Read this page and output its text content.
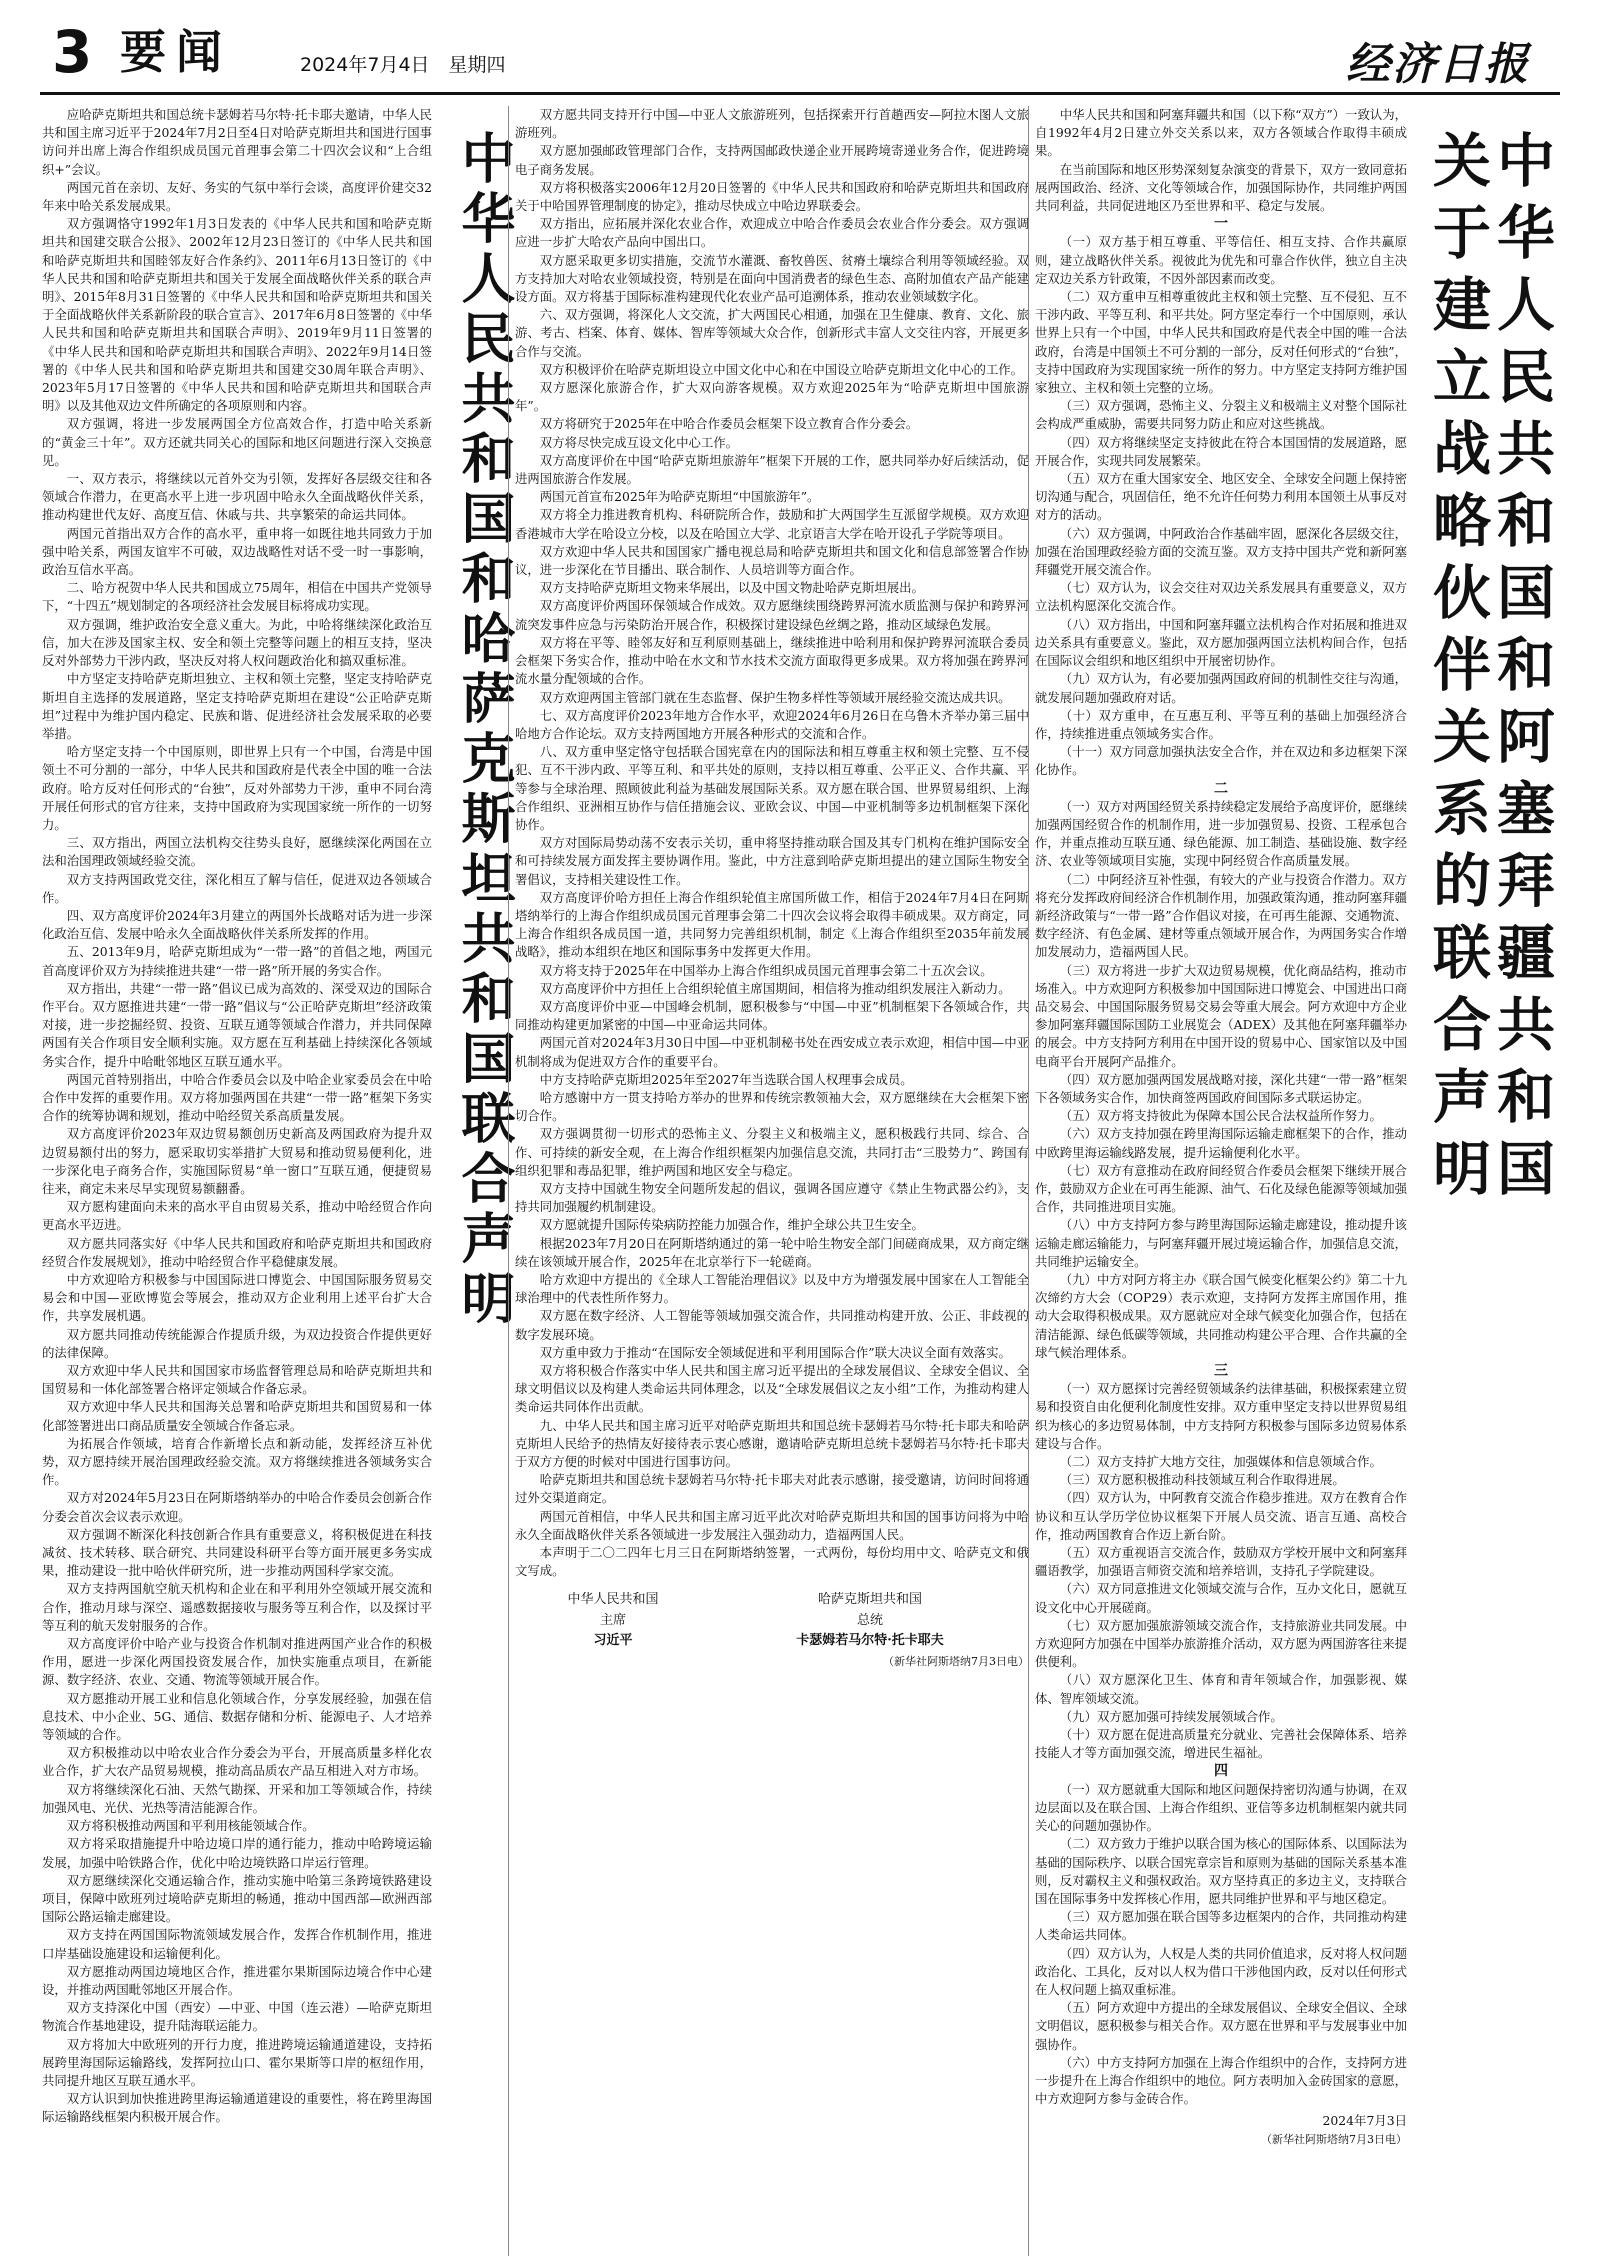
3 要闻	2024年7月4日　星期四	经济日报

应哈萨克斯坦共和国总统卡瑟姆若马尔特·托卡耶夫邀请，中华人民共和国主席习近平于2024年7月2日至4日对哈萨克斯坦共和国进行国事访问并出席上海合作组织成员国元首理事会第二十四次会议和“上合组织+”会议。

两国元首在亲切、友好、务实的气氛中举行会谈，高度评价建交32年来中哈关系发展成果。

双方强调恪守1992年1月3日发表的《中华人民共和国和哈萨克斯坦共和国建交联合公报》、2002年12月23日签订的《中华人民共和国和哈萨克斯坦共和国睦邻友好合作条约》、2011年6月13日签订的《中华人民共和国和哈萨克斯坦共和国关于发展全面战略伙伴关系的联合声明》、2015年8月31日签署的《中华人民共和国和哈萨克斯坦共和国关于全面战略伙伴关系新阶段的联合宣言》、2017年6月8日签署的《中华人民共和国和哈萨克斯坦共和国联合声明》、2019年9月11日签署的《中华人民共和国和哈萨克斯坦共和国联合声明》、2022年9月14日签署的《中华人民共和国和哈萨克斯坦共和国建交30周年联合声明》、2023年5月17日签署的《中华人民共和国和哈萨克斯坦共和国联合声明》以及其他双边文件所确定的各项原则和内容。

双方强调，将进一步发展两国全方位高效合作，打造中哈关系新的“黄金三十年”。双方还就共同关心的国际和地区问题进行深入交换意见。

一、双方表示，将继续以元首外交为引领，发挥好各层级交往和各领域合作潜力，在更高水平上进一步巩固中哈永久全面战略伙伴关系，推动构建世代友好、高度互信、休戚与共、共享繁荣的命运共同体。

两国元首指出双方合作的高水平，重申将一如既往地共同致力于加强中哈关系，两国友谊牢不可破，双边战略性对话不受一时一事影响，政治互信水平高。

二、哈方祝贺中华人民共和国成立75周年，相信在中国共产党领导下，“十四五”规划制定的各项经济社会发展目标将成功实现。

双方强调，维护政治安全意义重大。为此，中哈将继续深化政治互信，加大在涉及国家主权、安全和领土完整等问题上的相互支持，坚决反对外部势力干涉内政，坚决反对将人权问题政治化和搞双重标准。

中方坚定支持哈萨克斯坦独立、主权和领土完整，坚定支持哈萨克斯坦自主选择的发展道路，坚定支持哈萨克斯坦在建设“公正哈萨克斯坦”过程中为维护国内稳定、民族和谐、促进经济社会发展采取的必要举措。

哈方坚定支持一个中国原则，即世界上只有一个中国，台湾是中国领土不可分割的一部分，中华人民共和国政府是代表全中国的唯一合法政府。哈方反对任何形式的“台独”，反对外部势力干涉，重申不同台湾开展任何形式的官方往来，支持中国政府为实现国家统一所作的一切努力。

三、双方指出，两国立法机构交往势头良好，愿继续深化两国在立法和治国理政领域经验交流。

双方支持两国政党交往，深化相互了解与信任，促进双边各领域合作。

四、双方高度评价2024年3月建立的两国外长战略对话为进一步深化政治互信、发展中哈永久全面战略伙伴关系所发挥的作用。

五、2013年9月，哈萨克斯坦成为“一带一路”的首倡之地，两国元首高度评价双方为持续推进共建“一带一路”所开展的务实合作。

双方指出，共建“一带一路”倡议已成为高效的、深受双边的国际合作平台。双方愿推进共建“一带一路”倡议与“公正哈萨克斯坦”经济政策对接，进一步挖掘经贸、投资、互联互通等领域合作潜力，并共同保障两国有关合作项目安全顺利实施。双方愿在互利基础上持续深化各领域务实合作，提升中哈毗邻地区互联互通水平。

两国元首特别指出，中哈合作委员会以及中哈企业家委员会在中哈合作中发挥的重要作用。双方将加强两国在共建“一带一路”框架下务实合作的统筹协调和规划，推动中哈经贸关系高质量发展。

双方高度评价2023年双边贸易额创历史新高及两国政府为提升双边贸易额付出的努力，愿采取切实举措扩大贸易和推动贸易便利化，进一步深化电子商务合作，实施国际贸易“单一窗口”互联互通，便捷贸易往来，商定未来尽早实现贸易额翻番。

双方愿构建面向未来的高水平自由贸易关系，推动中哈经贸合作向更高水平迈进。

双方愿共同落实好《中华人民共和国政府和哈萨克斯坦共和国政府经贸合作发展规划》，推动中哈经贸合作平稳健康发展。

中方欢迎哈方积极参与中国国际进口博览会、中国国际服务贸易交易会和中国—亚欧博览会等展会，推动双方企业利用上述平台扩大合作，共享发展机遇。

双方愿共同推动传统能源合作提质升级，为双边投资合作提供更好的法律保障。

双方欢迎中华人民共和国国家市场监督管理总局和哈萨克斯坦共和国贸易和一体化部签署合格评定领域合作备忘录。

双方欢迎中华人民共和国海关总署和哈萨克斯坦共和国贸易和一体化部签署进出口商品质量安全领域合作备忘录。

为拓展合作领域，培育合作新增长点和新动能，发挥经济互补优势，双方愿持续开展治国理政经验交流。双方将继续推进各领域务实合作。

双方对2024年5月23日在阿斯塔纳举办的中哈合作委员会创新合作分委会首次会议表示欢迎。

双方强调不断深化科技创新合作具有重要意义，将积极促进在科技减贫、技术转移、联合研究、共同建设科研平台等方面开展更多务实成果，推动建设一批中哈伙伴研究所，进一步推动两国科学家交流。

双方支持两国航空航天机构和企业在和平利用外空领域开展交流和合作，推动月球与深空、遥感数据接收与服务等互利合作，以及探讨平等互利的航天发射服务的合作。

双方高度评价中哈产业与投资合作机制对推进两国产业合作的积极作用，愿进一步深化两国投资发展合作，加快实施重点项目，在新能源、数字经济、农业、交通、物流等领域开展合作。

双方愿推动开展工业和信息化领域合作，分享发展经验，加强在信息技术、中小企业、5G、通信、数据存储和分析、能源电子、人才培养等领域的合作。

双方积极推动以中哈农业合作分委会为平台，开展高质量多样化农业合作，扩大农产品贸易规模，推动高品质农产品互相进入对方市场。

双方将继续深化石油、天然气勘探、开采和加工等领域合作，持续加强风电、光伏、光热等清洁能源合作。

双方将积极推动两国和平利用核能领域合作。

双方将采取措施提升中哈边境口岸的通行能力，推动中哈跨境运输发展，加强中哈铁路合作，优化中哈边境铁路口岸运行管理。

双方愿继续深化交通运输合作，推动实施中哈第三条跨境铁路建设项目，保障中欧班列过境哈萨克斯坦的畅通，推动中国西部—欧洲西部国际公路运输走廊建设。

双方支持在两国国际物流领域发展合作，发挥合作机制作用，推进口岸基础设施建设和运输便利化。

双方愿推动两国边境地区合作，推进霍尔果斯国际边境合作中心建设，并推动两国毗邻地区开展合作。

双方支持深化中国（西安）—中亚、中国（连云港）—哈萨克斯坦物流合作基地建设，提升陆海联运能力。

双方将加大中欧班列的开行力度，推进跨境运输通道建设，支持拓展跨里海国际运输路线，发挥阿拉山口、霍尔果斯等口岸的枢纽作用，共同提升地区互联互通水平。

双方认识到加快推进跨里海运输通道建设的重要性，将在跨里海国际运输路线框架内积极开展合作。

中华人民共和国和哈萨克斯坦共和国联合声明

双方愿共同支持开行中国—中亚人文旅游班列，包括探索开行首趟西安—阿拉木图人文旅游班列。

双方愿加强邮政管理部门合作，支持两国邮政快递企业开展跨境寄递业务合作，促进跨境电子商务发展。

双方将积极落实2006年12月20日签署的《中华人民共和国政府和哈萨克斯坦共和国政府关于中哈国界管理制度的协定》，推动尽快成立中哈边界联委会。

双方指出，应拓展并深化农业合作，欢迎成立中哈合作委员会农业合作分委会。双方强调应进一步扩大哈农产品向中国出口。

双方愿采取更多切实措施，交流节水灌溉、畜牧兽医、贫瘠土壤综合利用等领域经验。双方支持加大对哈农业领域投资，特别是在面向中国消费者的绿色生态、高附加值农产品产能建设方面。双方将基于国际标准构建现代化农业产品可追溯体系，推动农业领域数字化。

六、双方强调，将深化人文交流，扩大两国民心相通，加强在卫生健康、教育、文化、旅游、考古、档案、体育、媒体、智库等领域大众合作，创新形式丰富人文交往内容，开展更多合作与交流。

双方积极评价在哈萨克斯坦设立中国文化中心和在中国设立哈萨克斯坦文化中心的工作。

双方愿深化旅游合作，扩大双向游客规模。双方欢迎2025年为“哈萨克斯坦中国旅游年”。

双方将研究于2025年在中哈合作委员会框架下设立教育合作分委会。

双方将尽快完成互设文化中心工作。

双方高度评价在中国“哈萨克斯坦旅游年”框架下开展的工作，愿共同举办好后续活动，促进两国旅游合作发展。

两国元首宣布2025年为哈萨克斯坦“中国旅游年”。

双方将全力推进教育机构、科研院所合作，鼓励和扩大两国学生互派留学规模。双方欢迎香港城市大学在哈设立分校，以及在哈国立大学、北京语言大学在哈开设孔子学院等项目。

双方欢迎中华人民共和国国家广播电视总局和哈萨克斯坦共和国文化和信息部签署合作协议，进一步深化在节目播出、联合制作、人员培训等方面合作。

双方支持哈萨克斯坦文物来华展出，以及中国文物赴哈萨克斯坦展出。

双方高度评价两国环保领域合作成效。双方愿继续围绕跨界河流水质监测与保护和跨界河流突发事件应急与污染防治开展合作，积极探讨建设绿色丝绸之路，推动区域绿色发展。

双方将在平等、睦邻友好和互利原则基础上，继续推进中哈利用和保护跨界河流联合委员会框架下务实合作，推动中哈在水文和节水技术交流方面取得更多成果。双方将加强在跨界河流水量分配领域的合作。

双方欢迎两国主管部门就在生态监督、保护生物多样性等领域开展经验交流达成共识。

七、双方高度评价2023年地方合作水平，欢迎2024年6月26日在乌鲁木齐举办第三届中哈地方合作论坛。双方支持两国地方开展各种形式的交流和合作。

八、双方重申坚定恪守包括联合国宪章在内的国际法和相互尊重主权和领土完整、互不侵犯、互不干涉内政、平等互利、和平共处的原则，支持以相互尊重、公平正义、合作共赢、平等参与全球治理、照顾彼此利益为基础发展国际关系。双方愿在联合国、世界贸易组织、上海合作组织、亚洲相互协作与信任措施会议、亚欧会议、中国—中亚机制等多边机制框架下深化协作。

双方对国际局势动荡不安表示关切，重申将坚持推动联合国及其专门机构在维护国际安全和可持续发展方面发挥主要协调作用。鉴此，中方注意到哈萨克斯坦提出的建立国际生物安全署倡议，支持相关建设性工作。

双方高度评价哈方担任上海合作组织轮值主席国所做工作，相信于2024年7月4日在阿斯塔纳举行的上海合作组织成员国元首理事会第二十四次会议将会取得丰硕成果。双方商定，同上海合作组织各成员国一道，共同努力完善组织机制，制定《上海合作组织至2035年前发展战略》，推动本组织在地区和国际事务中发挥更大作用。

双方将支持于2025年在中国举办上海合作组织成员国元首理事会第二十五次会议。

双方高度评价中方担任上合组织轮值主席国期间，相信将为推动组织发展注入新动力。

双方高度评价中亚—中国峰会机制，愿积极参与“中国—中亚”机制框架下各领域合作，共同推动构建更加紧密的中国—中亚命运共同体。

两国元首对2024年3月30日中国—中亚机制秘书处在西安成立表示欢迎，相信中国—中亚机制将成为促进双方合作的重要平台。

中方支持哈萨克斯坦2025年至2027年当选联合国人权理事会成员。

哈方感谢中方一贯支持哈方举办的世界和传统宗教领袖大会，双方愿继续在大会框架下密切合作。

双方强调贯彻一切形式的恐怖主义、分裂主义和极端主义，愿积极践行共同、综合、合作、可持续的新安全观，在上海合作组织框架内加强信息交流，共同打击“三股势力”、跨国有组织犯罪和毒品犯罪，维护两国和地区安全与稳定。

双方支持中国就生物安全问题所发起的倡议，强调各国应遵守《禁止生物武器公约》，支持共同加强履约机制建设。

双方愿就提升国际传染病防控能力加强合作，维护全球公共卫生安全。

根据2023年7月20日在阿斯塔纳通过的第一轮中哈生物安全部门间磋商成果，双方商定继续在该领域开展合作，2025年在北京举行下一轮磋商。

哈方欢迎中方提出的《全球人工智能治理倡议》以及中方为增强发展中国家在人工智能全球治理中的代表性所作努力。

双方愿在数字经济、人工智能等领域加强交流合作，共同推动构建开放、公正、非歧视的数字发展环境。

双方重申致力于推动“在国际安全领域促进和平利用国际合作”联大决议全面有效落实。

双方将积极合作落实中华人民共和国主席习近平提出的全球发展倡议、全球安全倡议、全球文明倡议以及构建人类命运共同体理念，以及“全球发展倡议之友小组”工作，为推动构建人类命运共同体作出贡献。

九、中华人民共和国主席习近平对哈萨克斯坦共和国总统卡瑟姆若马尔特·托卡耶夫和哈萨克斯坦人民给予的热情友好接待表示衷心感谢，邀请哈萨克斯坦总统卡瑟姆若马尔特·托卡耶夫于双方方便的时候对中国进行国事访问。

哈萨克斯坦共和国总统卡瑟姆若马尔特·托卡耶夫对此表示感谢，接受邀请，访问时间将通过外交渠道商定。

两国元首相信，中华人民共和国主席习近平此次对哈萨克斯坦共和国的国事访问将为中哈永久全面战略伙伴关系各领域进一步发展注入强劲动力，造福两国人民。

本声明于二〇二四年七月三日在阿斯塔纳签署，一式两份，每份均用中文、哈萨克文和俄文写成。

中华人民共和国	哈萨克斯坦共和国
主席	总统
习近平	卡瑟姆若马尔特·托卡耶夫
（新华社阿斯塔纳7月3日电）

中华人民共和国和阿塞拜疆共和国（以下称“双方”）一致认为，自1992年4月2日建立外交关系以来，双方各领域合作取得丰硕成果。

在当前国际和地区形势深刻复杂演变的背景下，双方一致同意拓展两国政治、经济、文化等领域合作，加强国际协作，共同维护两国共同利益，共同促进地区乃至世界和平、稳定与发展。

一

（一）双方基于相互尊重、平等信任、相互支持、合作共赢原则，建立战略伙伴关系。视彼此为优先和可靠合作伙伴，独立自主决定双边关系方针政策，不因外部因素而改变。

（二）双方重申互相尊重彼此主权和领土完整、互不侵犯、互不干涉内政、平等互利、和平共处。阿方坚定奉行一个中国原则，承认世界上只有一个中国，中华人民共和国政府是代表全中国的唯一合法政府，台湾是中国领土不可分割的一部分，反对任何形式的“台独”，支持中国政府为实现国家统一所作的努力。中方坚定支持阿方维护国家独立、主权和领土完整的立场。

（三）双方强调，恐怖主义、分裂主义和极端主义对整个国际社会构成严重威胁，需要共同努力防止和应对这些挑战。

（四）双方将继续坚定支持彼此在符合本国国情的发展道路，愿开展合作，实现共同发展繁荣。

（五）双方在重大国家安全、地区安全、全球安全问题上保持密切沟通与配合，巩固信任，绝不允许任何势力利用本国领土从事反对对方的活动。

（六）双方强调，中阿政治合作基础牢固，愿深化各层级交往，加强在治国理政经验方面的交流互鉴。双方支持中国共产党和新阿塞拜疆党开展交流合作。

（七）双方认为，议会交往对双边关系发展具有重要意义，双方立法机构愿深化交流合作。

（八）双方指出，中国和阿塞拜疆立法机构合作对拓展和推进双边关系具有重要意义。鉴此，双方愿加强两国立法机构间合作，包括在国际议会组织和地区组织中开展密切协作。

（九）双方认为，有必要加强两国政府间的机制性交往与沟通，就发展问题加强政府对话。

（十）双方重申，在互惠互利、平等互利的基础上加强经济合作，持续推进重点领域务实合作。

（十一）双方同意加强执法安全合作，并在双边和多边框架下深化协作。

二

（一）双方对两国经贸关系持续稳定发展给予高度评价，愿继续加强两国经贸合作的机制作用，进一步加强贸易、投资、工程承包合作，并重点推动互联互通、绿色能源、加工制造、基础设施、数字经济、农业等领域项目实施，实现中阿经贸合作高质量发展。

（二）中阿经济互补性强，有较大的产业与投资合作潜力。双方将充分发挥政府间经济合作机制作用，加强政策沟通，推动阿塞拜疆新经济政策与“一带一路”合作倡议对接，在可再生能源、交通物流、数字经济、有色金属、建材等重点领域开展合作，为两国务实合作增加发展动力，造福两国人民。

（三）双方将进一步扩大双边贸易规模，优化商品结构，推动市场准入。中方欢迎阿方积极参加中国国际进口博览会、中国进出口商品交易会、中国国际服务贸易交易会等重大展会。阿方欢迎中方企业参加阿塞拜疆国际国防工业展览会（ADEX）及其他在阿塞拜疆举办的展会。中方支持阿方利用在中国开设的贸易中心、国家馆以及中国电商平台开展阿产品推介。

（四）双方愿加强两国发展战略对接，深化共建“一带一路”框架下各领域务实合作，加快商签两国政府间国际多式联运协定。

（五）双方将支持彼此为保障本国公民合法权益所作努力。

（六）双方支持加强在跨里海国际运输走廊框架下的合作，推动中欧跨里海运输线路发展，提升运输便利化水平。

（七）双方有意推动在政府间经贸合作委员会框架下继续开展合作，鼓励双方企业在可再生能源、油气、石化及绿色能源等领域加强合作，共同推进项目实施。

（八）中方支持阿方参与跨里海国际运输走廊建设，推动提升该运输走廊运输能力，与阿塞拜疆开展过境运输合作，加强信息交流，共同维护运输安全。

（九）中方对阿方将主办《联合国气候变化框架公约》第二十九次缔约方大会（COP29）表示欢迎，支持阿方发挥主席国作用，推动大会取得积极成果。双方愿就应对全球气候变化加强合作，包括在清洁能源、绿色低碳等领域，共同推动构建公平合理、合作共赢的全球气候治理体系。

三

（一）双方愿探讨完善经贸领域条约法律基础，积极探索建立贸易和投资自由化便利化制度性安排。双方重申坚定支持以世界贸易组织为核心的多边贸易体制，中方支持阿方积极参与国际多边贸易体系建设与合作。

（二）双方支持扩大地方交往，加强媒体和信息领域合作。

（三）双方愿积极推动科技领域互利合作取得进展。

（四）双方认为，中阿教育交流合作稳步推进。双方在教育合作协议和互认学历学位协议框架下开展人员交流、语言互通、高校合作，推动两国教育合作迈上新台阶。

（五）双方重视语言交流合作，鼓励双方学校开展中文和阿塞拜疆语教学，加强语言师资交流和培养培训，支持孔子学院建设。

（六）双方同意推进文化领域交流与合作，互办文化日，愿就互设文化中心开展磋商。

（七）双方愿加强旅游领域交流合作，支持旅游业共同发展。中方欢迎阿方加强在中国举办旅游推介活动，双方愿为两国游客往来提供便利。

（八）双方愿深化卫生、体育和青年领域合作，加强影视、媒体、智库领域交流。

（九）双方愿加强可持续发展领域合作。

（十）双方愿在促进高质量充分就业、完善社会保障体系、培养技能人才等方面加强交流，增进民生福祉。

四

（一）双方愿就重大国际和地区问题保持密切沟通与协调，在双边层面以及在联合国、上海合作组织、亚信等多边机制框架内就共同关心的问题加强协作。

（二）双方致力于维护以联合国为核心的国际体系、以国际法为基础的国际秩序、以联合国宪章宗旨和原则为基础的国际关系基本准则，反对霸权主义和强权政治。双方坚持真正的多边主义，支持联合国在国际事务中发挥核心作用，愿共同维护世界和平与地区稳定。

（三）双方愿加强在联合国等多边框架内的合作，共同推动构建人类命运共同体。

（四）双方认为，人权是人类的共同价值追求，反对将人权问题政治化、工具化，反对以人权为借口干涉他国内政，反对以任何形式在人权问题上搞双重标准。

（五）阿方欢迎中方提出的全球发展倡议、全球安全倡议、全球文明倡议，愿积极参与相关合作。双方愿在世界和平与发展事业中加强协作。

（六）中方支持阿方加强在上海合作组织中的合作，支持阿方进一步提升在上海合作组织中的地位。阿方表明加入金砖国家的意愿，中方欢迎阿方参与金砖合作。

2024年7月3日
（新华社阿斯塔纳7月3日电）
中华人民共和国和阿塞拜疆共和国
关于建立战略伙伴关系的联合声明
